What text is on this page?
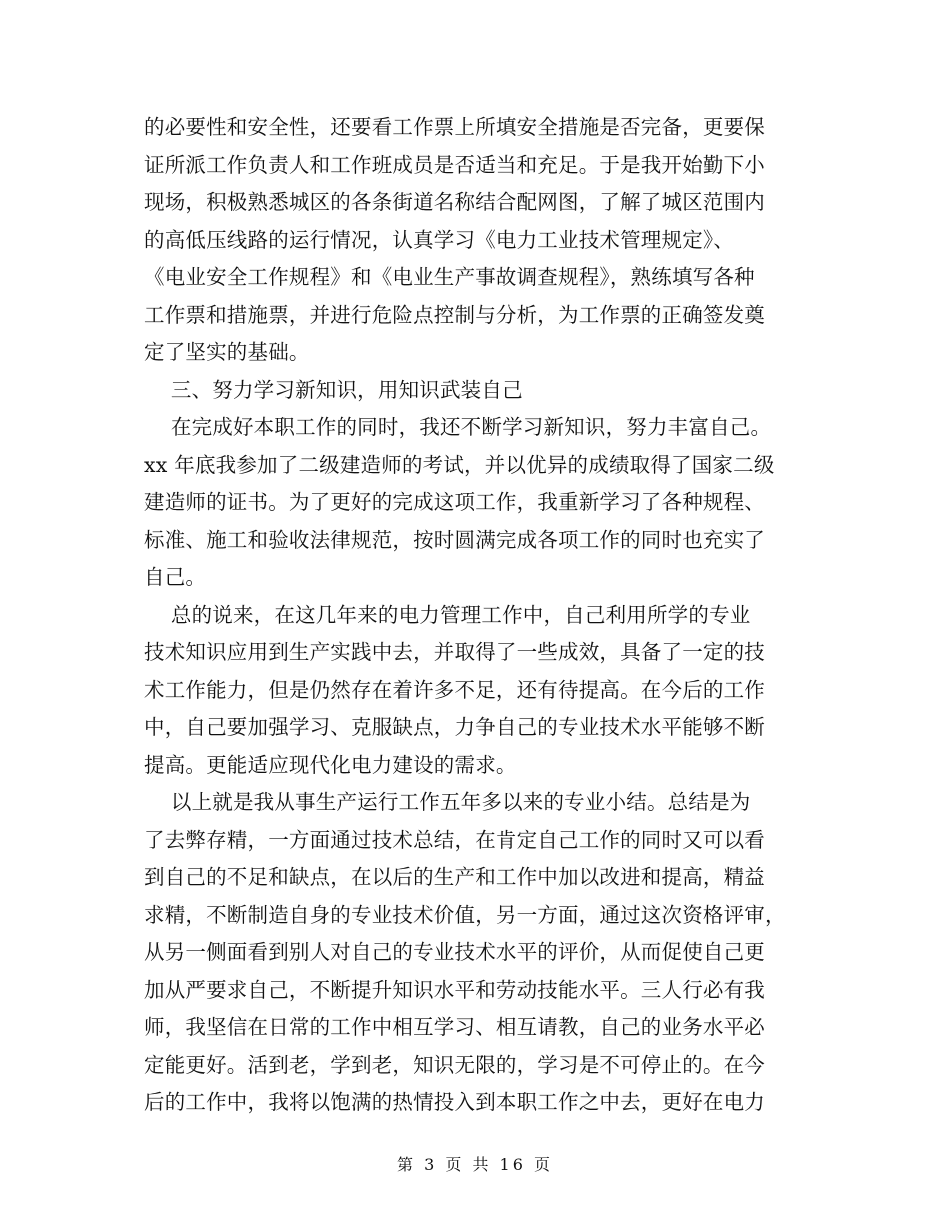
的必要性和安全性，还要看工作票上所填安全措施是否完备，更要保
证所派工作负责人和工作班成员是否适当和充足。于是我开始勤下小
现场，积极熟悉城区的各条街道名称结合配网图，了解了城区范围内
的高低压线路的运行情况，认真学习《电力工业技术管理规定》、
《电业安全工作规程》和《电业生产事故调查规程》，熟练填写各种
工作票和措施票，并进行危险点控制与分析，为工作票的正确签发奠
定了坚实的基础。
三、努力学习新知识，用知识武装自己
在完成好本职工作的同时，我还不断学习新知识，努力丰富自己。
xx 年底我参加了二级建造师的考试，并以优异的成绩取得了国家二级
建造师的证书。为了更好的完成这项工作，我重新学习了各种规程、
标准、施工和验收法律规范，按时圆满完成各项工作的同时也充实了
自己。
总的说来，在这几年来的电力管理工作中，自己利用所学的专业
技术知识应用到生产实践中去，并取得了一些成效，具备了一定的技
术工作能力，但是仍然存在着许多不足，还有待提高。在今后的工作
中，自己要加强学习、克服缺点，力争自己的专业技术水平能够不断
提高。更能适应现代化电力建设的需求。
以上就是我从事生产运行工作五年多以来的专业小结。总结是为
了去弊存精，一方面通过技术总结，在肯定自己工作的同时又可以看
到自己的不足和缺点，在以后的生产和工作中加以改进和提高，精益
求精，不断制造自身的专业技术价值，另一方面，通过这次资格评审，
从另一侧面看到别人对自己的专业技术水平的评价，从而促使自己更
加从严要求自己，不断提升知识水平和劳动技能水平。三人行必有我
师，我坚信在日常的工作中相互学习、相互请教，自己的业务水平必
定能更好。活到老，学到老，知识无限的，学习是不可停止的。在今
后的工作中，我将以饱满的热情投入到本职工作之中去，更好在电力
第 3 页 共 16 页
